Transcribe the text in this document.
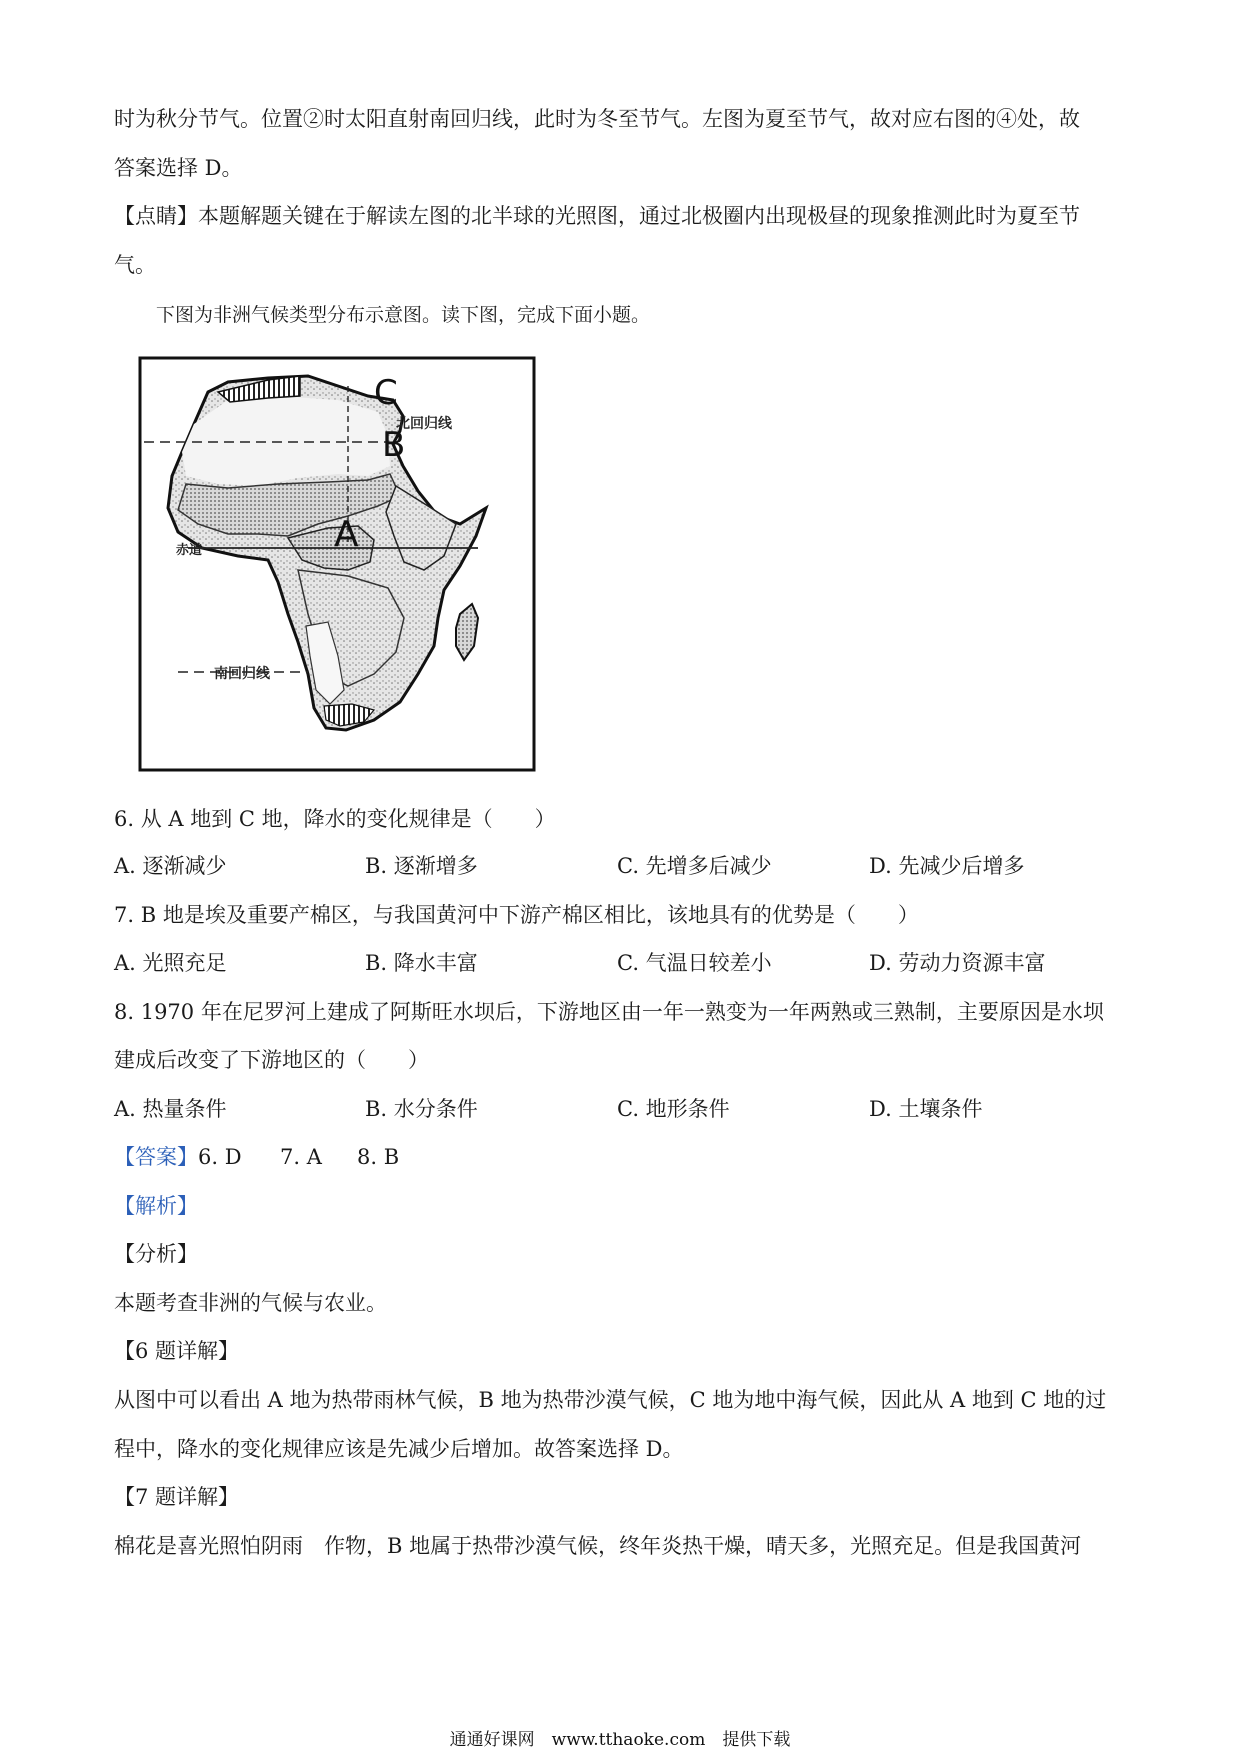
时为秋分节气。位置②时太阳直射南回归线，此时为冬至节气。左图为夏至节气，故对应右图的④处，故
答案选择 D。
【点睛】本题解题关键在于解读左图的北半球的光照图，通过北极圈内出现极昼的现象推测此时为夏至节
气。
下图为非洲气候类型分布示意图。读下图，完成下面小题。
北回归线
赤道
南回归线
C
B
A
6. 从 A 地到 C 地，降水的变化规律是（　　）
A. 逐渐减少	B. 逐渐增多	C. 先增多后减少	D. 先减少后增多
7. B 地是埃及重要产棉区，与我国黄河中下游产棉区相比，该地具有的优势是（　　）
A. 光照充足	B. 降水丰富	C. 气温日较差小	D. 劳动力资源丰富
8. 1970 年在尼罗河上建成了阿斯旺水坝后，下游地区由一年一熟变为一年两熟或三熟制，主要原因是水坝
建成后改变了下游地区的（　　）
A. 热量条件	B. 水分条件	C. 地形条件	D. 土壤条件
【答案】 6. D 7. A 8. B
【解析】
【分析】
本题考查非洲的气候与农业。
【6 题详解】
从图中可以看出 A 地为热带雨林气候，B 地为热带沙漠气候，C 地为地中海气候，因此从 A 地到 C 地的过
程中，降水的变化规律应该是先减少后增加。故答案选择 D。
【7 题详解】
棉花是喜光照怕阴雨　作物，B 地属于热带沙漠气候，终年炎热干燥，晴天多，光照充足。但是我国黄河
通通好课网　www.tthaoke.com　提供下载
